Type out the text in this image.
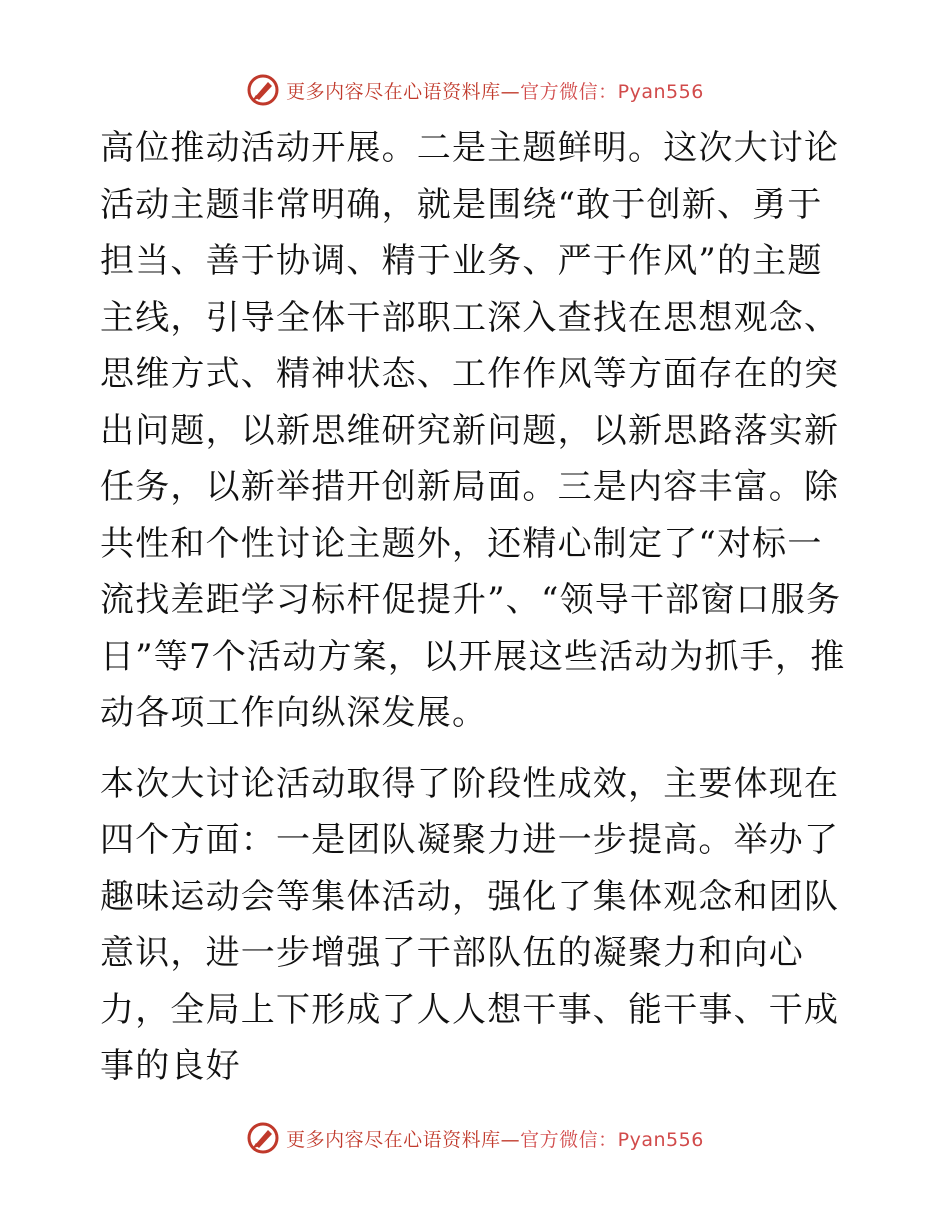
更多内容尽在心语资料库—官方微信：Pyan556

高位推动活动开展。二是主题鲜明。这次大讨论活动主题非常明确，就是围绕“敢于创新、勇于担当、善于协调、精于业务、严于作风”的主题主线，引导全体干部职工深入查找在思想观念、思维方式、精神状态、工作作风等方面存在的突出问题，以新思维研究新问题，以新思路落实新任务，以新举措开创新局面。三是内容丰富。除共性和个性讨论主题外，还精心制定了“对标一流找差距学习标杆促提升”、“领导干部窗口服务日”等7个活动方案，以开展这些活动为抓手，推动各项工作向纵深发展。

本次大讨论活动取得了阶段性成效，主要体现在四个方面：一是团队凝聚力进一步提高。举办了趣味运动会等集体活动，强化了集体观念和团队意识，进一步增强了干部队伍的凝聚力和向心力，全局上下形成了人人想干事、能干事、干成事的良好

更多内容尽在心语资料库—官方微信：Pyan556
